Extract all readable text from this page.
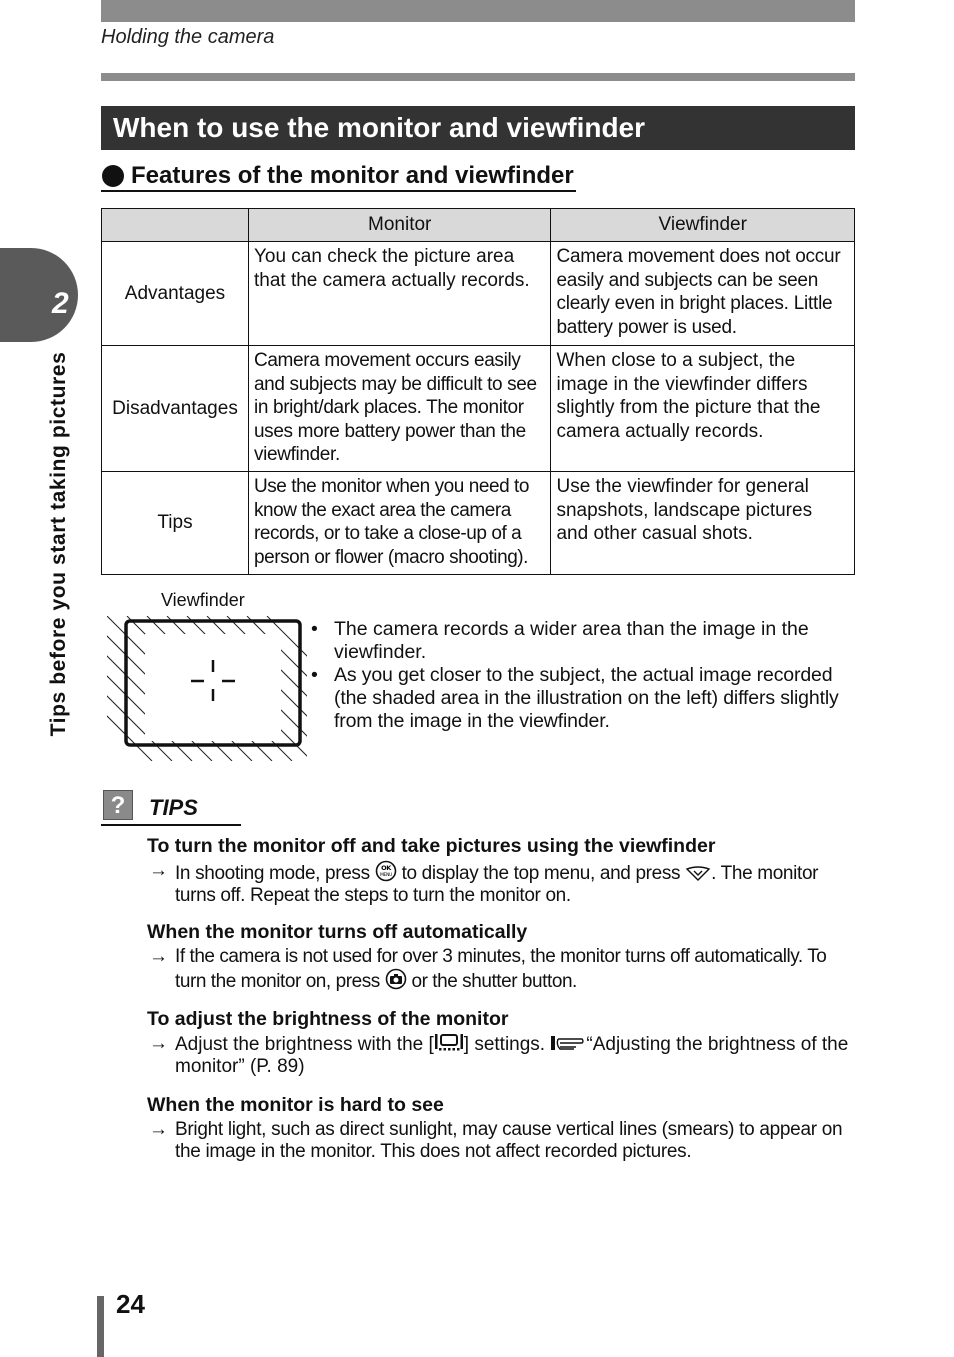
Holding the camera
When to use the monitor and viewfinder
Features of the monitor and viewfinder
	Monitor	Viewfinder
Advantages	You can check the picture area that the camera actually records.	Camera movement does not occur easily and subjects can be seen clearly even in bright places. Little battery power is used.
Disadvantages	Camera movement occurs easily and subjects may be difficult to see in bright/dark places. The monitor uses more battery power than the viewfinder.	When close to a subject, the image in the viewfinder differs slightly from the picture that the camera actually records.
Tips	Use the monitor when you need to know the exact area the camera records, or to take a close-up of a person or flower (macro shooting).	Use the viewfinder for general snapshots, landscape pictures and other casual shots.
Viewfinder
• The camera records a wider area than the image in the viewfinder.
• As you get closer to the subject, the actual image recorded (the shaded area in the illustration on the left) differs slightly from the image in the viewfinder.
?	TIPS
To turn the monitor off and take pictures using the viewfinder

→ In shooting mode, press OK
MENU to display the top menu, and press . The monitor turns off. Repeat the steps to turn the monitor on.

When the monitor turns off automatically

→ If the camera is not used for over 3 minutes, the monitor turns off automatically. To turn the monitor on, press  or the shutter button.

To adjust the brightness of the monitor

→ Adjust the brightness with the [ ] settings. “Adjusting the brightness of the monitor” (P. 89)

When the monitor is hard to see

→ Bright light, such as direct sunlight, may cause vertical lines (smears) to appear on the image in the monitor. This does not affect recorded pictures.

2
Tips before you start taking pictures
24
